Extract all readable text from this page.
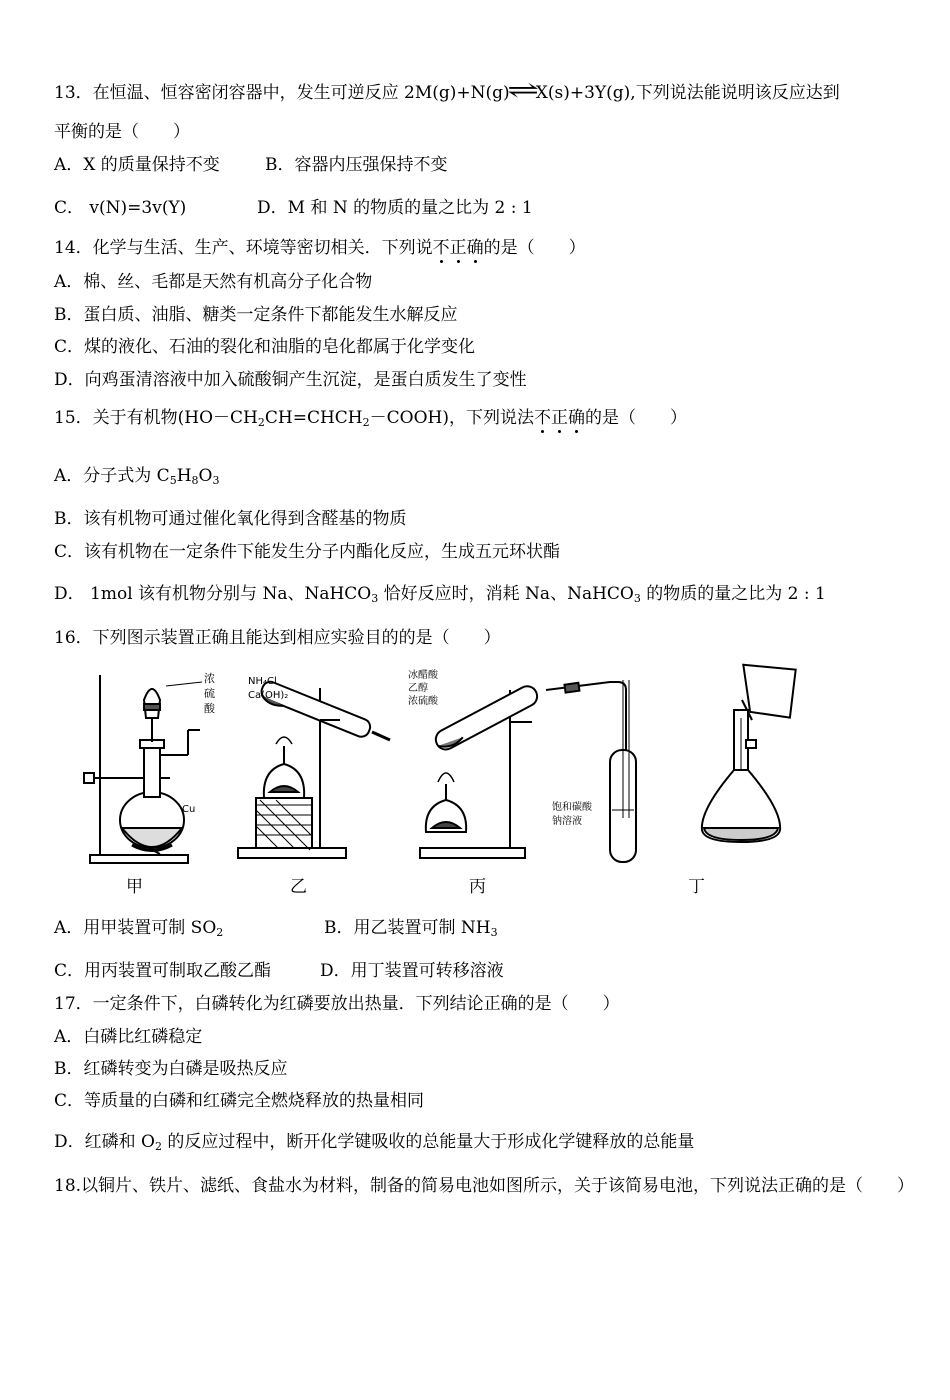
13．在恒温、恒容密闭容器中，发生可逆反应 2M(g)+N(g)⇌X(s)+3Y(g),下列说法能说明该反应达到
平衡的是（　　）
A．X 的质量保持不变	B．容器内压强保持不变
C． v(N)=3v(Y)	D．M 和 N 的物质的量之比为 2 : 1
14．化学与生活、生产、环境等密切相关．下列说不正确的是（　　）
A．棉、丝、毛都是天然有机高分子化合物
B．蛋白质、油脂、糖类一定条件下都能发生水解反应
C．煤的液化、石油的裂化和油脂的皂化都属于化学变化
D．向鸡蛋清溶液中加入硫酸铜产生沉淀，是蛋白质发生了变性
15．关于有机物$(HO-CH_2CH=CHCH_2-COOH)$，下列说法不正确的是（　　）
A．分子式为 $C_5H_8O_3$
B．该有机物可通过催化氧化得到含醛基的物质
C．该有机物在一定条件下能发生分子内酯化反应，生成五元环状酯
D． 1mol 该有机物分别与 Na、NaHCO$_3$ 恰好反应时，消耗 Na、NaHCO$_3$ 的物质的量之比为 2 : 1
16．下列图示装置正确且能达到相应实验目的的是（　　）
浓
硫
酸
Cu
NH₄Cl
Ca(OH)₂
冰醋酸
乙醇
浓硫酸
饱和碳酸
钠溶液
甲	乙	丙	丁
A．用甲装置可制 $SO_2$	B．用乙装置可制 $NH_3$
C．用丙装置可制取乙酸乙酯	D．用丁装置可转移溶液
17．一定条件下，白磷转化为红磷要放出热量．下列结论正确的是（　　）
A．白磷比红磷稳定
B．红磷转变为白磷是吸热反应
C．等质量的白磷和红磷完全燃烧释放的热量相同
D．红磷和 $O_2$ 的反应过程中，断开化学键吸收的总能量大于形成化学键释放的总能量
18.以铜片、铁片、滤纸、食盐水为材料，制备的简易电池如图所示，关于该简易电池，下列说法正确的是（　　）
